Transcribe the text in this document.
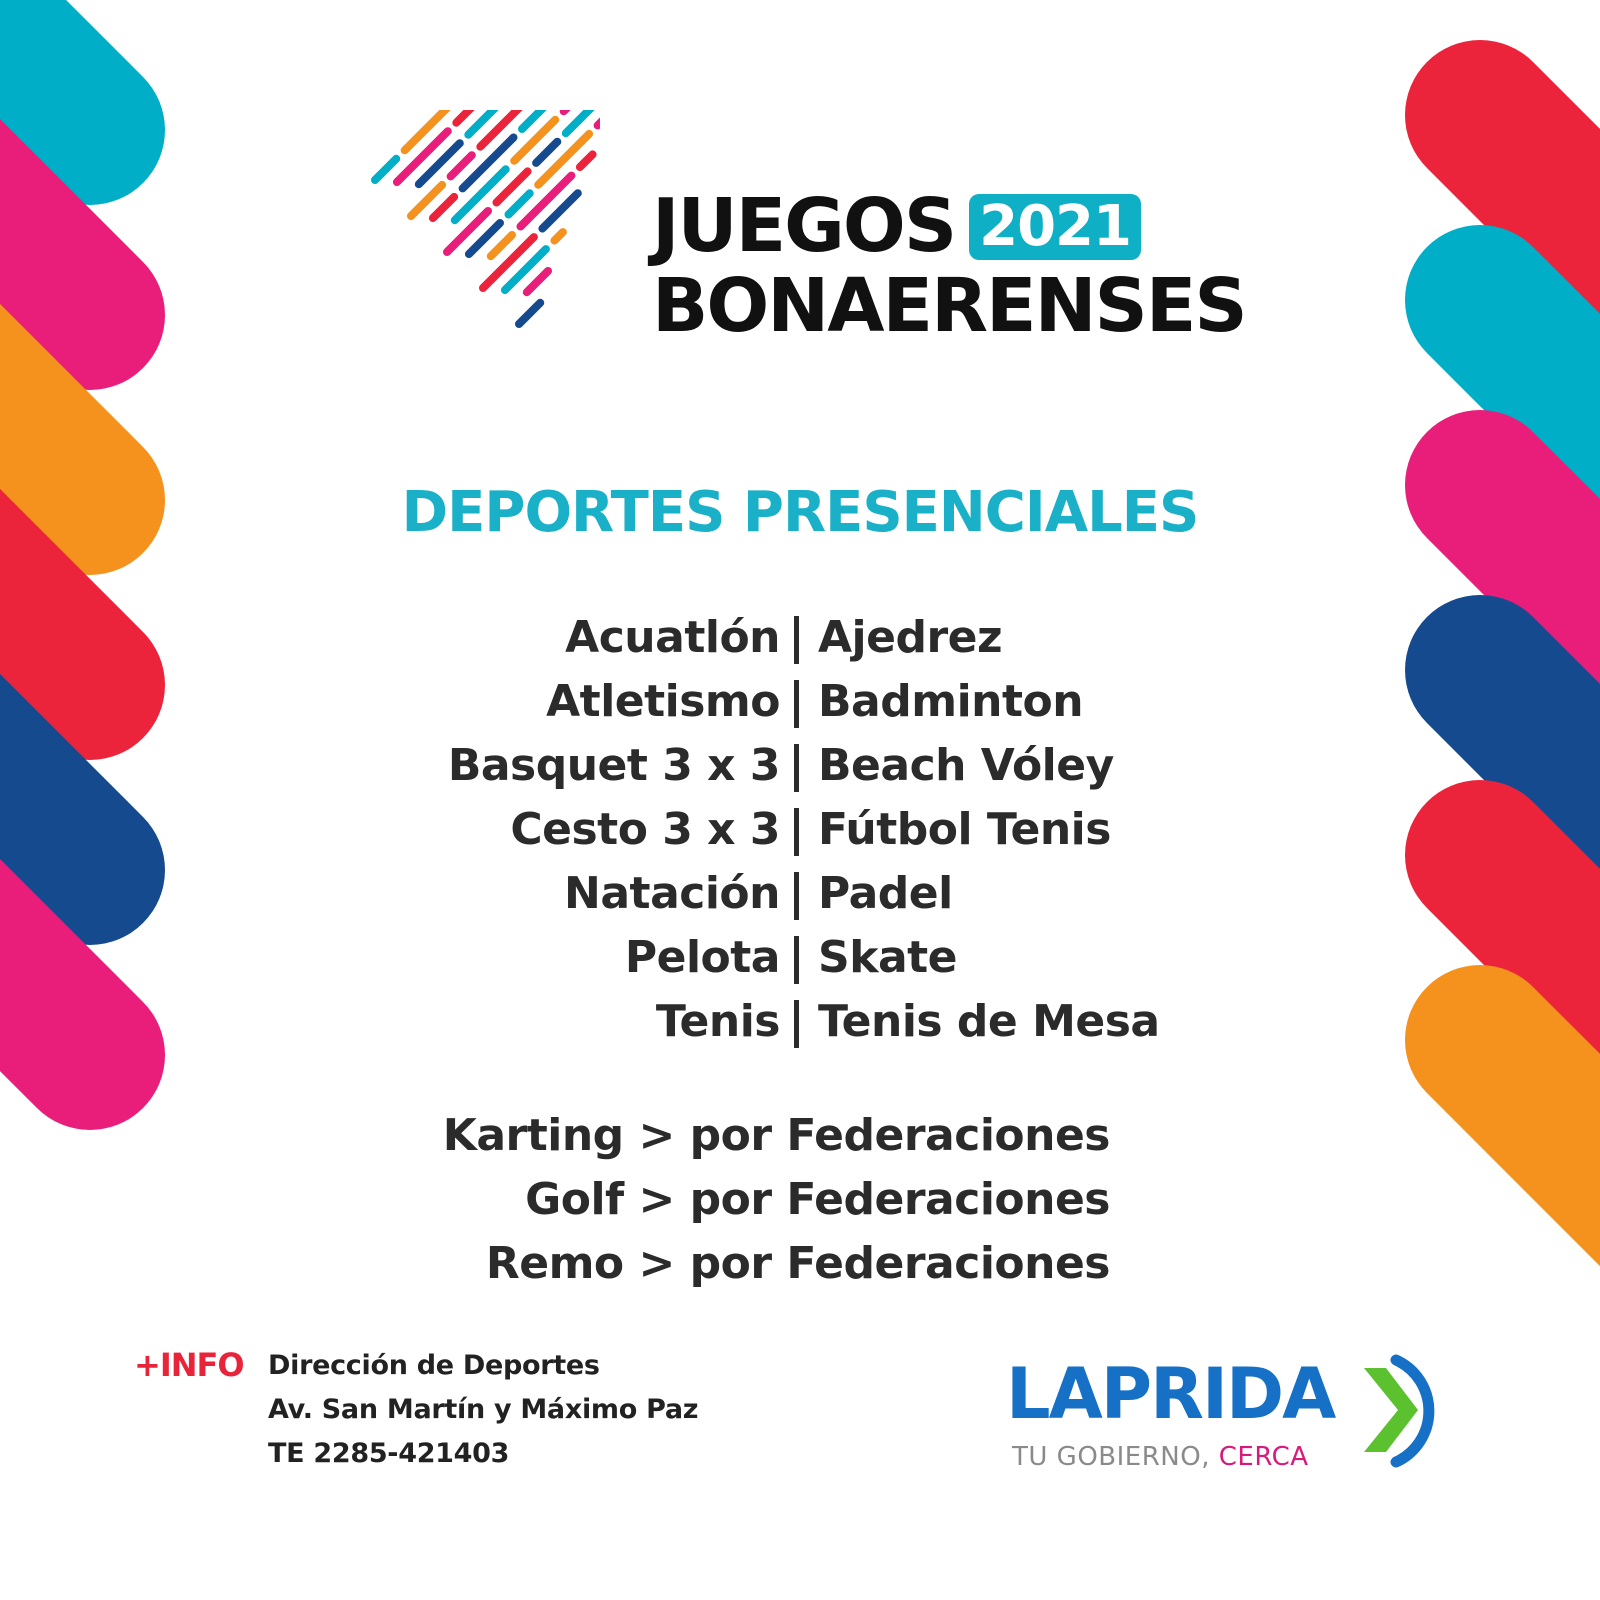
JUEGOS 2021
BONAERENSES
DEPORTES PRESENCIALES
Acuatlón Ajedrez
Atletismo Badminton
Basquet 3 x 3 Beach Vóley
Cesto 3 x 3 Fútbol Tenis
Natación Padel
Pelota Skate
Tenis Tenis de Mesa
Karting > por Federaciones
Golf > por Federaciones
Remo > por Federaciones
+INFO Dirección de Deportes
Av. San Martín y Máximo Paz
TE 2285-421403
LAPRIDA
TU GOBIERNO, CERCA
